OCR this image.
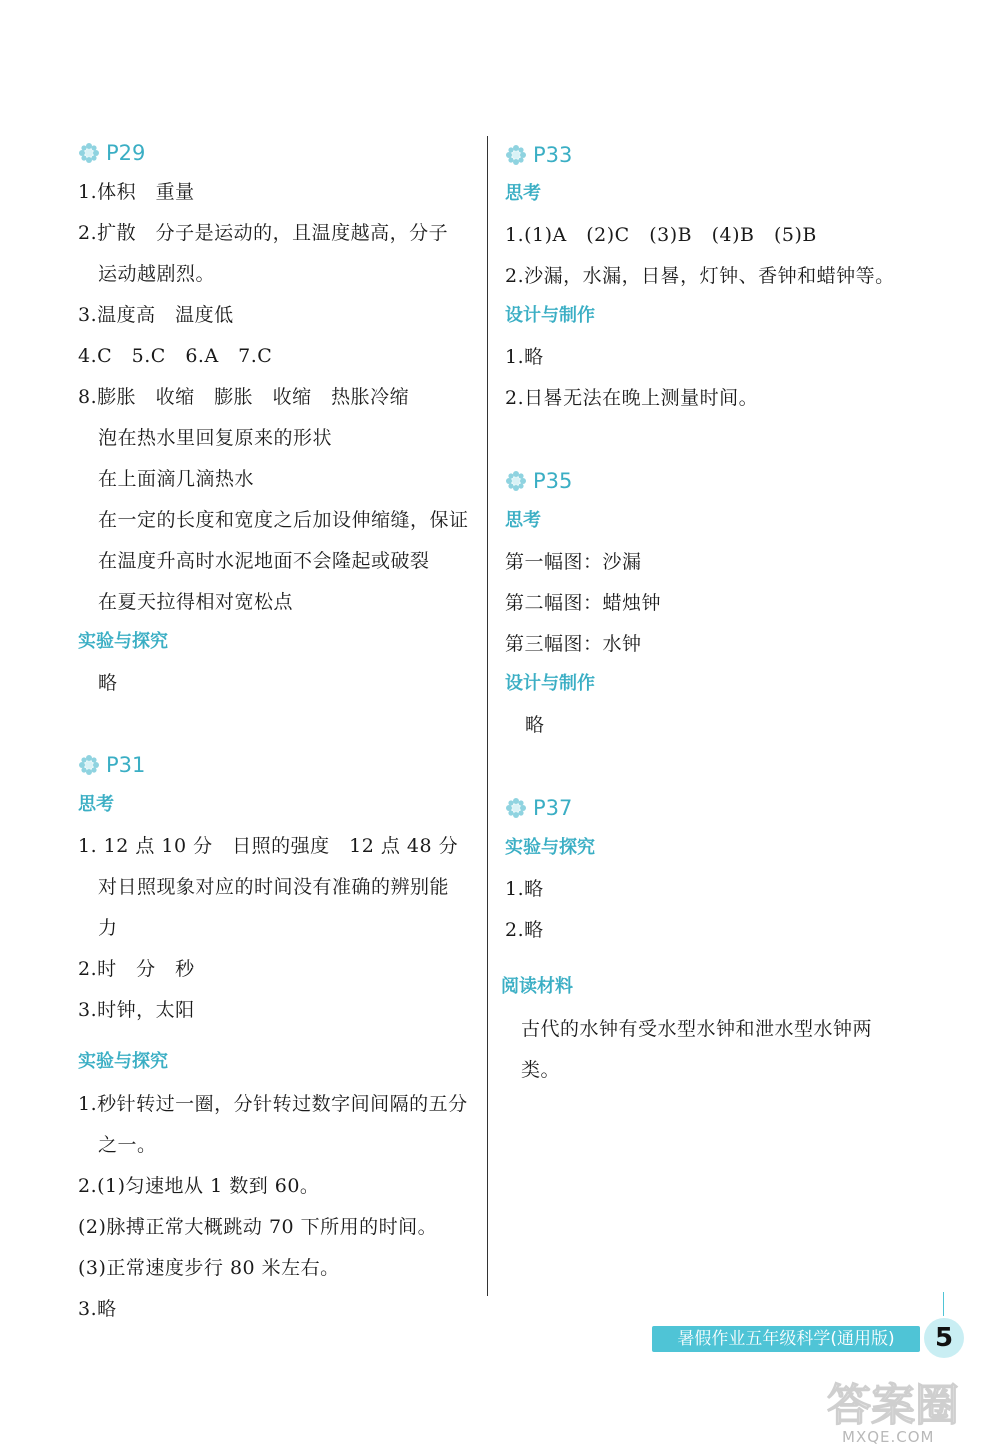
P29
1.体积　重量
2.扩散　分子是运动的，且温度越高，分子
运动越剧烈。
3.温度高　温度低
4.C　5.C　6.A　7.C
8.膨胀　收缩　膨胀　收缩　热胀冷缩
泡在热水里回复原来的形状
在上面滴几滴热水
在一定的长度和宽度之后加设伸缩缝，保证
在温度升高时水泥地面不会隆起或破裂
在夏天拉得相对宽松点
实验与探究
略
P31
思考
1. 12 点 10 分　日照的强度　12 点 48 分
对日照现象对应的时间没有准确的辨别能
力
2.时　分　秒
3.时钟，太阳
实验与探究
1.秒针转过一圈，分针转过数字间间隔的五分
之一。
2.(1)匀速地从 1 数到 60。
(2)脉搏正常大概跳动 70 下所用的时间。
(3)正常速度步行 80 米左右。
3.略
P33
思考
1.(1)A　(2)C　(3)B　(4)B　(5)B
2.沙漏，水漏，日晷，灯钟、香钟和蜡钟等。
设计与制作
1.略
2.日晷无法在晚上测量时间。
P35
思考
第一幅图：沙漏
第二幅图：蜡烛钟
第三幅图：水钟
设计与制作
略
P37
实验与探究
1.略
2.略
阅读材料
古代的水钟有受水型水钟和泄水型水钟两
类。
暑假作业五年级科学(通用版)	5
答案圈
MXQE.COM
